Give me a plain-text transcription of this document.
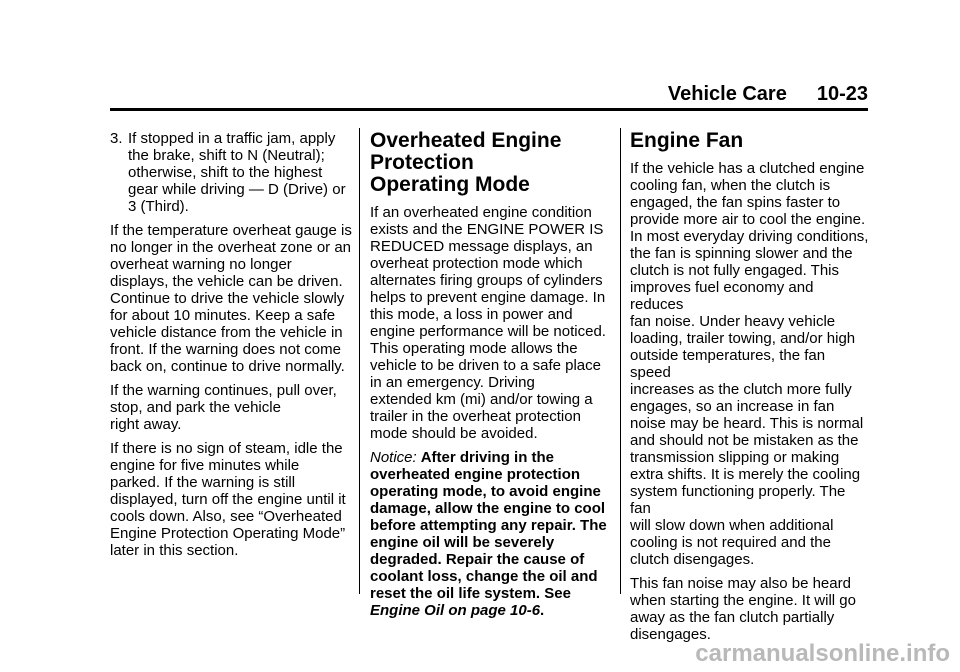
Vehicle Care 10-23
3. If stopped in a traffic jam, apply
the brake, shift to N (Neutral);
otherwise, shift to the highest
gear while driving — D (Drive) or
3 (Third).

If the temperature overheat gauge is
no longer in the overheat zone or an
overheat warning no longer
displays, the vehicle can be driven.
Continue to drive the vehicle slowly
for about 10 minutes. Keep a safe
vehicle distance from the vehicle in
front. If the warning does not come
back on, continue to drive normally.

If the warning continues, pull over,
stop, and park the vehicle
right away.

If there is no sign of steam, idle the
engine for five minutes while
parked. If the warning is still
displayed, turn off the engine until it
cools down. Also, see “Overheated
Engine Protection Operating Mode”
later in this section.

Overheated Engine
Protection
Operating Mode

If an overheated engine condition
exists and the ENGINE POWER IS
REDUCED message displays, an
overheat protection mode which
alternates firing groups of cylinders
helps to prevent engine damage. In
this mode, a loss in power and
engine performance will be noticed.
This operating mode allows the
vehicle to be driven to a safe place
in an emergency. Driving
extended km (mi) and/or towing a
trailer in the overheat protection
mode should be avoided.

Notice: After driving in the
overheated engine protection
operating mode, to avoid engine
damage, allow the engine to cool
before attempting any repair. The
engine oil will be severely
degraded. Repair the cause of
coolant loss, change the oil and
reset the oil life system. See
Engine Oil on page 10‑6.

Engine Fan

If the vehicle has a clutched engine
cooling fan, when the clutch is
engaged, the fan spins faster to
provide more air to cool the engine.
In most everyday driving conditions,
the fan is spinning slower and the
clutch is not fully engaged. This
improves fuel economy and reduces
fan noise. Under heavy vehicle
loading, trailer towing, and/or high
outside temperatures, the fan speed
increases as the clutch more fully
engages, so an increase in fan
noise may be heard. This is normal
and should not be mistaken as the
transmission slipping or making
extra shifts. It is merely the cooling
system functioning properly. The fan
will slow down when additional
cooling is not required and the
clutch disengages.

This fan noise may also be heard
when starting the engine. It will go
away as the fan clutch partially
disengages.

carmanualsonline.info
